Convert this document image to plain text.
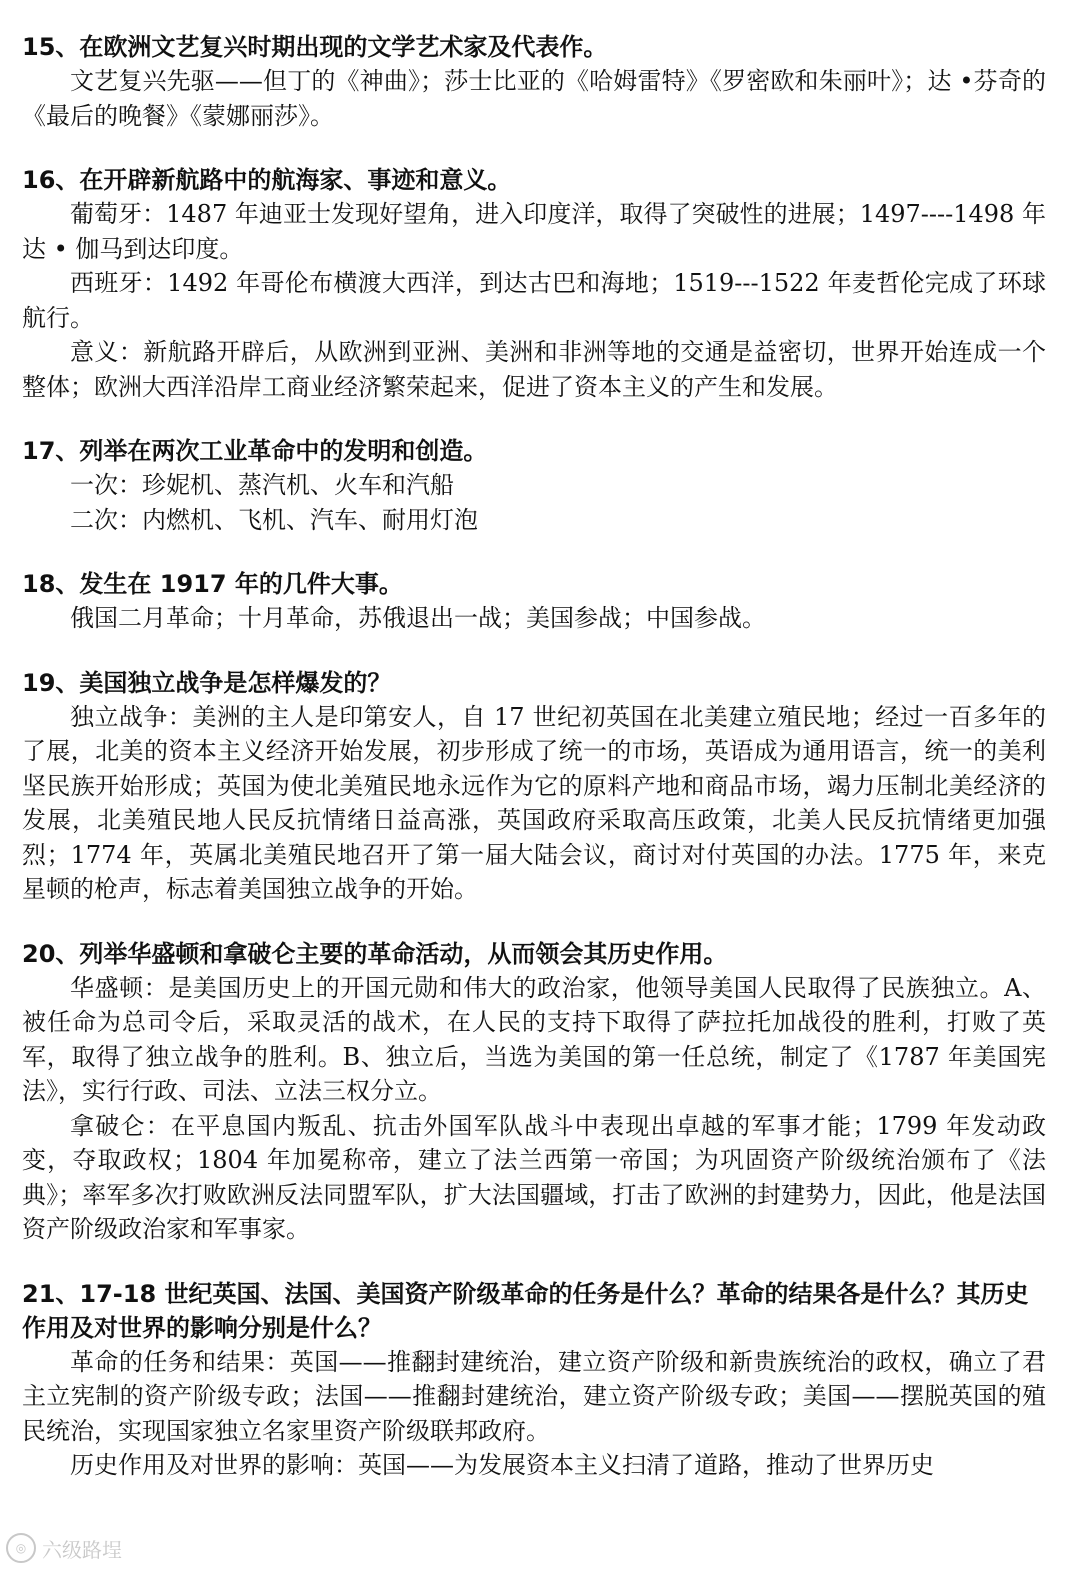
15、在欧洲文艺复兴时期出现的文学艺术家及代表作。

文艺复兴先驱——但丁的《神曲》；莎士比亚的《哈姆雷特》《罗密欧和朱丽叶》；达 •芬奇的《最后的晚餐》《蒙娜丽莎》。

16、在开辟新航路中的航海家、事迹和意义。

葡萄牙：1487 年迪亚士发现好望角，进入印度洋，取得了突破性的进展；1497----1498 年达 • 伽马到达印度。

西班牙：1492 年哥伦布横渡大西洋，到达古巴和海地；1519---1522 年麦哲伦完成了环球航行。

意义：新航路开辟后，从欧洲到亚洲、美洲和非洲等地的交通是益密切，世界开始连成一个整体；欧洲大西洋沿岸工商业经济繁荣起来，促进了资本主义的产生和发展。

17、列举在两次工业革命中的发明和创造。

一次：珍妮机、蒸汽机、火车和汽船

二次：内燃机、飞机、汽车、耐用灯泡

18、发生在 1917 年的几件大事。

俄国二月革命；十月革命，苏俄退出一战；美国参战；中国参战。

19、美国独立战争是怎样爆发的？

独立战争：美洲的主人是印第安人，自 17 世纪初英国在北美建立殖民地；经过一百多年的了展，北美的资本主义经济开始发展，初步形成了统一的市场，英语成为通用语言，统一的美利坚民族开始形成；英国为使北美殖民地永远作为它的原料产地和商品市场，竭力压制北美经济的发展，北美殖民地人民反抗情绪日益高涨，英国政府采取高压政策，北美人民反抗情绪更加强烈；1774 年，英属北美殖民地召开了第一届大陆会议，商讨对付英国的办法。1775 年，来克星顿的枪声，标志着美国独立战争的开始。

20、列举华盛顿和拿破仑主要的革命活动，从而领会其历史作用。

华盛顿：是美国历史上的开国元勋和伟大的政治家，他领导美国人民取得了民族独立。A、被任命为总司令后，采取灵活的战术，在人民的支持下取得了萨拉托加战役的胜利，打败了英军，取得了独立战争的胜利。B、独立后，当选为美国的第一任总统，制定了《1787 年美国宪法》，实行行政、司法、立法三权分立。

拿破仑：在平息国内叛乱、抗击外国军队战斗中表现出卓越的军事才能；1799 年发动政变，夺取政权；1804 年加冕称帝，建立了法兰西第一帝国；为巩固资产阶级统治颁布了《法典》；率军多次打败欧洲反法同盟军队，扩大法国疆域，打击了欧洲的封建势力，因此，他是法国资产阶级政治家和军事家。

21、17-18 世纪英国、法国、美国资产阶级革命的任务是什么？革命的结果各是什么？其历史作用及对世界的影响分别是什么？

革命的任务和结果：英国——推翻封建统治，建立资产阶级和新贵族统治的政权，确立了君主立宪制的资产阶级专政；法国——推翻封建统治，建立资产阶级专政；美国——摆脱英国的殖民统治，实现国家独立名家里资产阶级联邦政府。

历史作用及对世界的影响：英国——为发展资本主义扫清了道路，推动了世界历史

◎ 六级路埕
